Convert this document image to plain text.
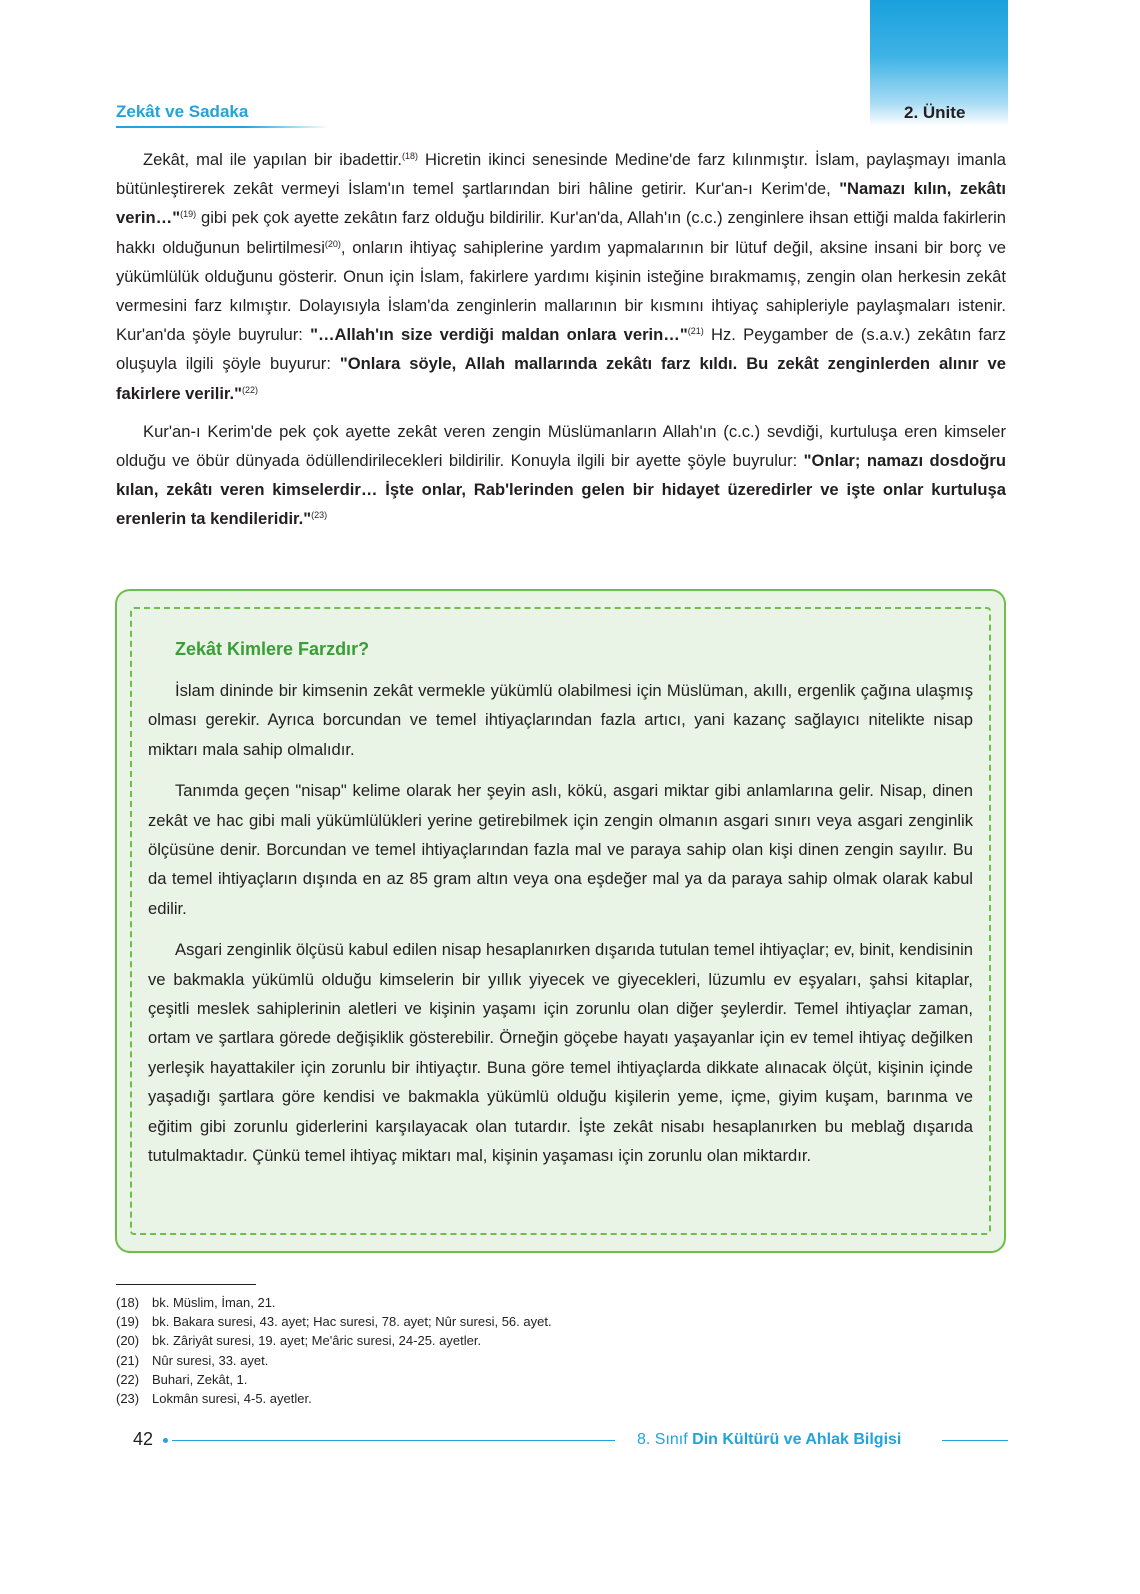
Zekât ve Sadaka	2. Ünite

Zekât, mal ile yapılan bir ibadettir.$^{(18)}$ Hicretin ikinci senesinde Medine'de farz kılınmıştır. İslam, paylaşmayı imanla bütünleştirerek zekât vermeyi İslam'ın temel şartlarından biri hâline getirir. Kur'an-ı Kerim'de, "Namazı kılın, zekâtı verin…"$^{(19)}$ gibi pek çok ayette zekâtın farz olduğu bildirilir. Kur'an'da, Allah'ın (c.c.) zenginlere ihsan ettiği malda fakirlerin hakkı olduğunun belirtilmesi$^{(20)}$, onların ihtiyaç sahiplerine yardım yapmalarının bir lütuf değil, aksine insani bir borç ve yükümlülük olduğunu gösterir. Onun için İslam, fakirlere yardımı kişinin isteğine bırakmamış, zengin olan herkesin zekât vermesini farz kılmıştır. Dolayısıyla İslam'da zenginlerin mallarının bir kısmını ihtiyaç sahipleriyle paylaşmaları istenir. Kur'an'da şöyle buyrulur: "…Allah'ın size verdiği maldan onlara verin…"$^{(21)}$ Hz. Peygamber de (s.a.v.) zekâtın farz oluşuyla ilgili şöyle buyurur: "Onlara söyle, Allah mallarında zekâtı farz kıldı. Bu zekât zenginlerden alınır ve fakirlere verilir."$^{(22)}$

Kur'an-ı Kerim'de pek çok ayette zekât veren zengin Müslümanların Allah'ın (c.c.) sevdiği, kurtuluşa eren kimseler olduğu ve öbür dünyada ödüllendirilecekleri bildirilir. Konuyla ilgili bir ayette şöyle buyrulur: "Onlar; namazı dosdoğru kılan, zekâtı veren kimselerdir… İşte onlar, Rab'lerinden gelen bir hidayet üzeredirler ve işte onlar kurtuluşa erenlerin ta kendileridir."$^{(23)}$

Zekât Kimlere Farzdır?

İslam dininde bir kimsenin zekât vermekle yükümlü olabilmesi için Müslüman, akıllı, ergenlik çağına ulaşmış olması gerekir. Ayrıca borcundan ve temel ihtiyaçlarından fazla artıcı, yani kazanç sağlayıcı nitelikte nisap miktarı mala sahip olmalıdır.

Tanımda geçen "nisap" kelime olarak her şeyin aslı, kökü, asgari miktar gibi anlamlarına gelir. Nisap, dinen zekât ve hac gibi mali yükümlülükleri yerine getirebilmek için zengin olmanın asgari sınırı veya asgari zenginlik ölçüsüne denir. Borcundan ve temel ihtiyaçlarından fazla mal ve paraya sahip olan kişi dinen zengin sayılır. Bu da temel ihtiyaçların dışında en az 85 gram altın veya ona eşdeğer mal ya da paraya sahip olmak olarak kabul edilir.

Asgari zenginlik ölçüsü kabul edilen nisap hesaplanırken dışarıda tutulan temel ihtiyaçlar; ev, binit, kendisinin ve bakmakla yükümlü olduğu kimselerin bir yıllık yiyecek ve giyecekleri, lüzumlu ev eşyaları, şahsi kitaplar, çeşitli meslek sahiplerinin aletleri ve kişinin yaşamı için zorunlu olan diğer şeylerdir. Temel ihtiyaçlar zaman, ortam ve şartlara görede değişiklik gösterebilir. Örneğin göçebe hayatı yaşayanlar için ev temel ihtiyaç değilken yerleşik hayattakiler için zorunlu bir ihtiyaçtır. Buna göre temel ihtiyaçlarda dikkate alınacak ölçüt, kişinin içinde yaşadığı şartlara göre kendisi ve bakmakla yükümlü olduğu kişilerin yeme, içme, giyim kuşam, barınma ve eğitim gibi zorunlu giderlerini karşılayacak olan tutardır. İşte zekât nisabı hesaplanırken bu meblağ dışarıda tutulmaktadır. Çünkü temel ihtiyaç miktarı mal, kişinin yaşaması için zorunlu olan miktardır.

(18) bk. Müslim, İman, 21.
(19) bk. Bakara suresi, 43. ayet; Hac suresi, 78. ayet; Nûr suresi, 56. ayet.
(20) bk. Zâriyât suresi, 19. ayet; Me'âric suresi, 24-25. ayetler.
(21) Nûr suresi, 33. ayet.
(22) Buhari, Zekât, 1.
(23) Lokmân suresi, 4-5. ayetler.
42	8. Sınıf Din Kültürü ve Ahlak Bilgisi
